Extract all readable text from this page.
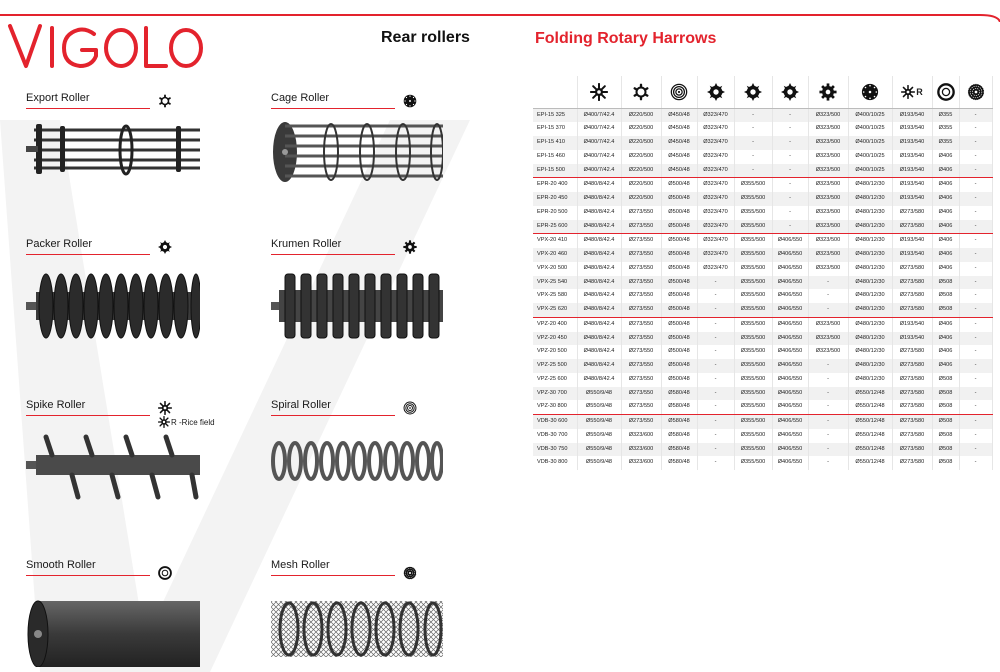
Rear rollers	Folding Rotary Harrows
Export Roller	Cage Roller
Packer Roller	Krumen Roller
Spike Roller
R -Rice field
Spiral Roller
Smooth Roller	Mesh Roller

R

EPI-15 325	Ø400/7/42.4	Ø220/500	Ø450/48	Ø323/470	-	-	Ø323/500	Ø400/10/25	Ø193/540	Ø355	-
EPI-15 370	Ø400/7/42.4	Ø220/500	Ø450/48	Ø323/470	-	-	Ø323/500	Ø400/10/25	Ø193/540	Ø355	-
EPI-15 410	Ø400/7/42.4	Ø220/500	Ø450/48	Ø323/470	-	-	Ø323/500	Ø400/10/25	Ø193/540	Ø355	-
EPI-15 460	Ø400/7/42.4	Ø220/500	Ø450/48	Ø323/470	-	-	Ø323/500	Ø400/10/25	Ø193/540	Ø406	-
EPI-15 500	Ø400/7/42.4	Ø220/500	Ø450/48	Ø323/470	-	-	Ø323/500	Ø400/10/25	Ø193/540	Ø406	-
EPR-20 400	Ø480/8/42.4	Ø220/500	Ø500/48	Ø323/470	Ø355/500	-	Ø323/500	Ø480/12/30	Ø193/540	Ø406	-
EPR-20 450	Ø480/8/42.4	Ø220/500	Ø500/48	Ø323/470	Ø355/500	-	Ø323/500	Ø480/12/30	Ø193/540	Ø406	-
EPR-20 500	Ø480/8/42.4	Ø273/550	Ø500/48	Ø323/470	Ø355/500	-	Ø323/500	Ø480/12/30	Ø273/580	Ø406	-
EPR-25 600	Ø480/8/42.4	Ø273/550	Ø500/48	Ø323/470	Ø355/500	-	Ø323/500	Ø480/12/30	Ø273/580	Ø406	-
VPX-20 410	Ø480/8/42.4	Ø273/550	Ø500/48	Ø323/470	Ø355/500	Ø406/550	Ø323/500	Ø480/12/30	Ø193/540	Ø406	-
VPX-20 460	Ø480/8/42.4	Ø273/550	Ø500/48	Ø323/470	Ø355/500	Ø406/550	Ø323/500	Ø480/12/30	Ø193/540	Ø406	-
VPX-20 500	Ø480/8/42.4	Ø273/550	Ø500/48	Ø323/470	Ø355/500	Ø406/550	Ø323/500	Ø480/12/30	Ø273/580	Ø406	-
VPX-25 540	Ø480/8/42.4	Ø273/550	Ø500/48	-	Ø355/500	Ø406/550	-	Ø480/12/30	Ø273/580	Ø508	-
VPX-25 580	Ø480/8/42.4	Ø273/550	Ø500/48	-	Ø355/500	Ø406/550	-	Ø480/12/30	Ø273/580	Ø508	-
VPX-25 620	Ø480/8/42.4	Ø273/550	Ø500/48	-	Ø355/500	Ø406/550	-	Ø480/12/30	Ø273/580	Ø508	-
VPZ-20 400	Ø480/8/42.4	Ø273/550	Ø500/48	-	Ø355/500	Ø406/550	Ø323/500	Ø480/12/30	Ø193/540	Ø406	-
VPZ-20 450	Ø480/8/42.4	Ø273/550	Ø500/48	-	Ø355/500	Ø406/550	Ø323/500	Ø480/12/30	Ø193/540	Ø406	-
VPZ-20 500	Ø480/8/42.4	Ø273/550	Ø500/48	-	Ø355/500	Ø406/550	Ø323/500	Ø480/12/30	Ø273/580	Ø406	-
VPZ-25 500	Ø480/8/42.4	Ø273/550	Ø500/48	-	Ø355/500	Ø406/550	-	Ø480/12/30	Ø273/580	Ø406	-
VPZ-25 600	Ø480/8/42.4	Ø273/550	Ø500/48	-	Ø355/500	Ø406/550	-	Ø480/12/30	Ø273/580	Ø508	-
VPZ-30 700	Ø550/9/48	Ø273/550	Ø580/48	-	Ø355/500	Ø406/550	-	Ø550/12/48	Ø273/580	Ø508	-
VPZ-30 800	Ø550/9/48	Ø273/550	Ø580/48	-	Ø355/500	Ø406/550	-	Ø550/12/48	Ø273/580	Ø508	-
VDB-30 600	Ø550/9/48	Ø273/550	Ø580/48	-	Ø355/500	Ø406/550	-	Ø550/12/48	Ø273/580	Ø508	-
VDB-30 700	Ø550/9/48	Ø323/600	Ø580/48	-	Ø355/500	Ø406/550	-	Ø550/12/48	Ø273/580	Ø508	-
VDB-30 750	Ø550/9/48	Ø323/600	Ø580/48	-	Ø355/500	Ø406/550	-	Ø550/12/48	Ø273/580	Ø508	-
VDB-30 800	Ø550/9/48	Ø323/600	Ø580/48	-	Ø355/500	Ø406/550	-	Ø550/12/48	Ø273/580	Ø508	-
